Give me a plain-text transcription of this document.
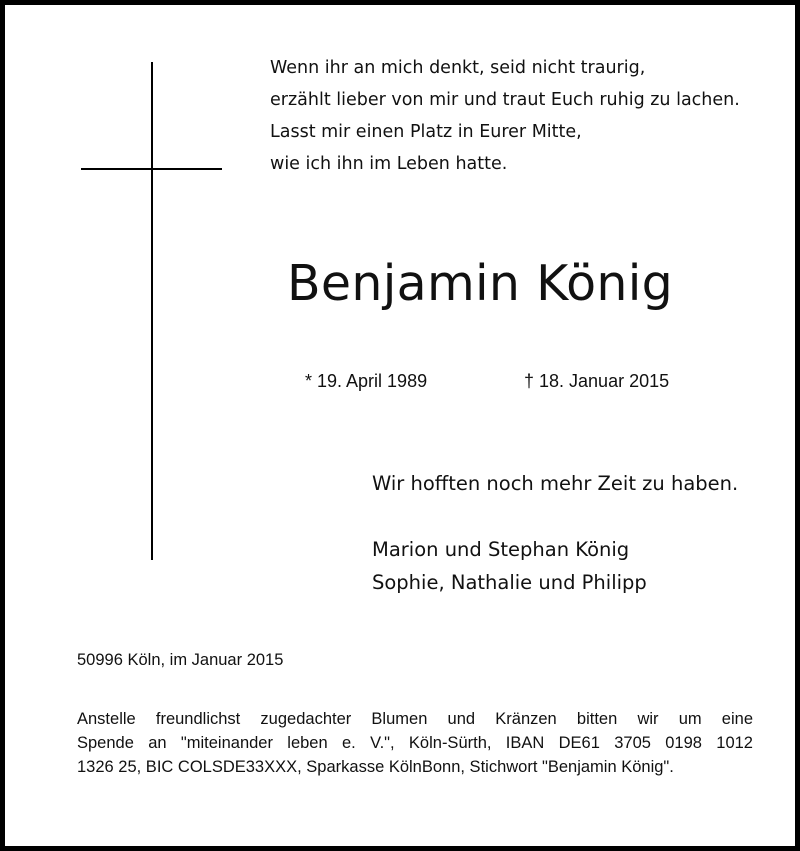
Wenn ihr an mich denkt, seid nicht traurig,
erzählt lieber von mir und traut Euch ruhig zu lachen.
Lasst mir einen Platz in Eurer Mitte,
wie ich ihn im Leben hatte.
Benjamin König
* 19. April 1989	† 18. Januar 2015
Wir hofften noch mehr Zeit zu haben.
Marion und Stephan König
Sophie, Nathalie und Philipp
50996 Köln, im Januar 2015
Anstelle freundlichst zugedachter Blumen und Kränzen bitten wir um eine
Spende an "miteinander leben e. V.", Köln-Sürth, IBAN DE61 3705 0198 1012
1326 25, BIC COLSDE33XXX, Sparkasse KölnBonn, Stichwort "Benjamin König".
